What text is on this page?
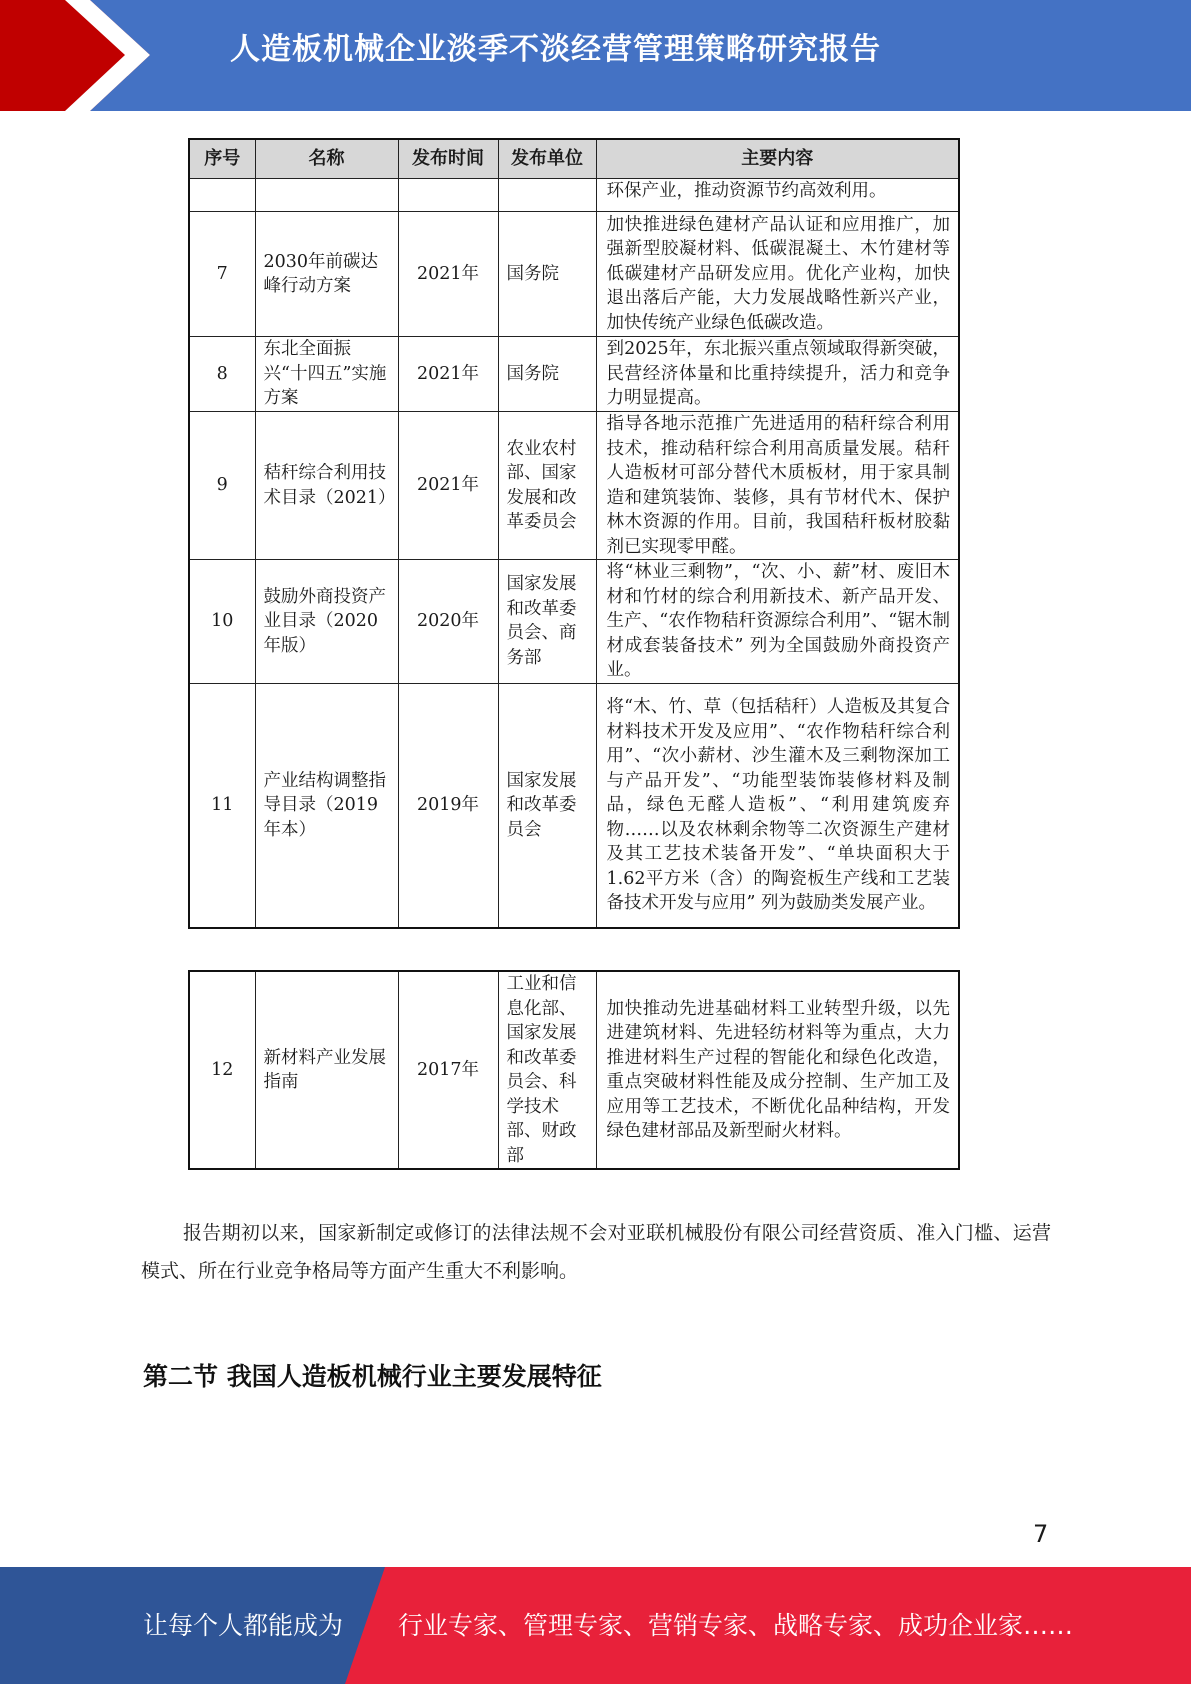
人造板机械企业淡季不淡经营管理策略研究报告
序号	名称	发布时间	发布单位	主要内容
				环保产业，推动资源节约高效利用。
7	2030年前碳达峰行动方案	2021年	国务院	加快推进绿色建材产品认证和应用推广，加强新型胶凝材料、低碳混凝土、木竹建材等低碳建材产品研发应用。优化产业构，加快退出落后产能，大力发展战略性新兴产业，加快传统产业绿色低碳改造。
8	东北全面振兴“十四五”实施方案	2021年	国务院	到2025年，东北振兴重点领域取得新突破，民营经济体量和比重持续提升，活力和竞争力明显提高。
9	秸秆综合利用技术目录（2021）	2021年	农业农村部、国家发展和改革委员会	指导各地示范推广先进适用的秸秆综合利用技术，推动秸秆综合利用高质量发展。秸秆人造板材可部分替代木质板材，用于家具制造和建筑装饰、装修，具有节材代木、保护林木资源的作用。目前，我国秸秆板材胶黏剂已实现零甲醛。
10	鼓励外商投资产业目录（2020年版）	2020年	国家发展和改革委员会、商务部	将“林业三剩物”，“次、小、薪”材、废旧木材和竹材的综合利用新技术、新产品开发、生产、“农作物秸秆资源综合利用”、“锯木制材成套装备技术” 列为全国鼓励外商投资产业。
11	产业结构调整指导目录（2019年本）	2019年	国家发展和改革委员会	将“木、竹、草（包括秸秆）人造板及其复合材料技术开发及应用”、“农作物秸秆综合利用”、“次小薪材、沙生灌木及三剩物深加工与产品开发”、“功能型装饰装修材料及制品，绿色无醛人造板”、“利用建筑废弃物……以及农林剩余物等二次资源生产建材及其工艺技术装备开发”、“单块面积大于1.62平方米（含）的陶瓷板生产线和工艺装备技术开发与应用” 列为鼓励类发展产业。
12	新材料产业发展指南	2017年	工业和信息化部、国家发展和改革委员会、科学技术部、财政部	加快推动先进基础材料工业转型升级，以先进建筑材料、先进轻纺材料等为重点，大力推进材料生产过程的智能化和绿色化改造，重点突破材料性能及成分控制、生产加工及应用等工艺技术，不断优化品种结构，开发绿色建材部品及新型耐火材料。

报告期初以来，国家新制定或修订的法律法规不会对亚联机械股份有限公司经营资质、准入门槛、运营模式、所在行业竞争格局等方面产生重大不利影响。

第二节 我国人造板机械行业主要发展特征
7
让每个人都能成为 行业专家、管理专家、营销专家、战略专家、成功企业家……
